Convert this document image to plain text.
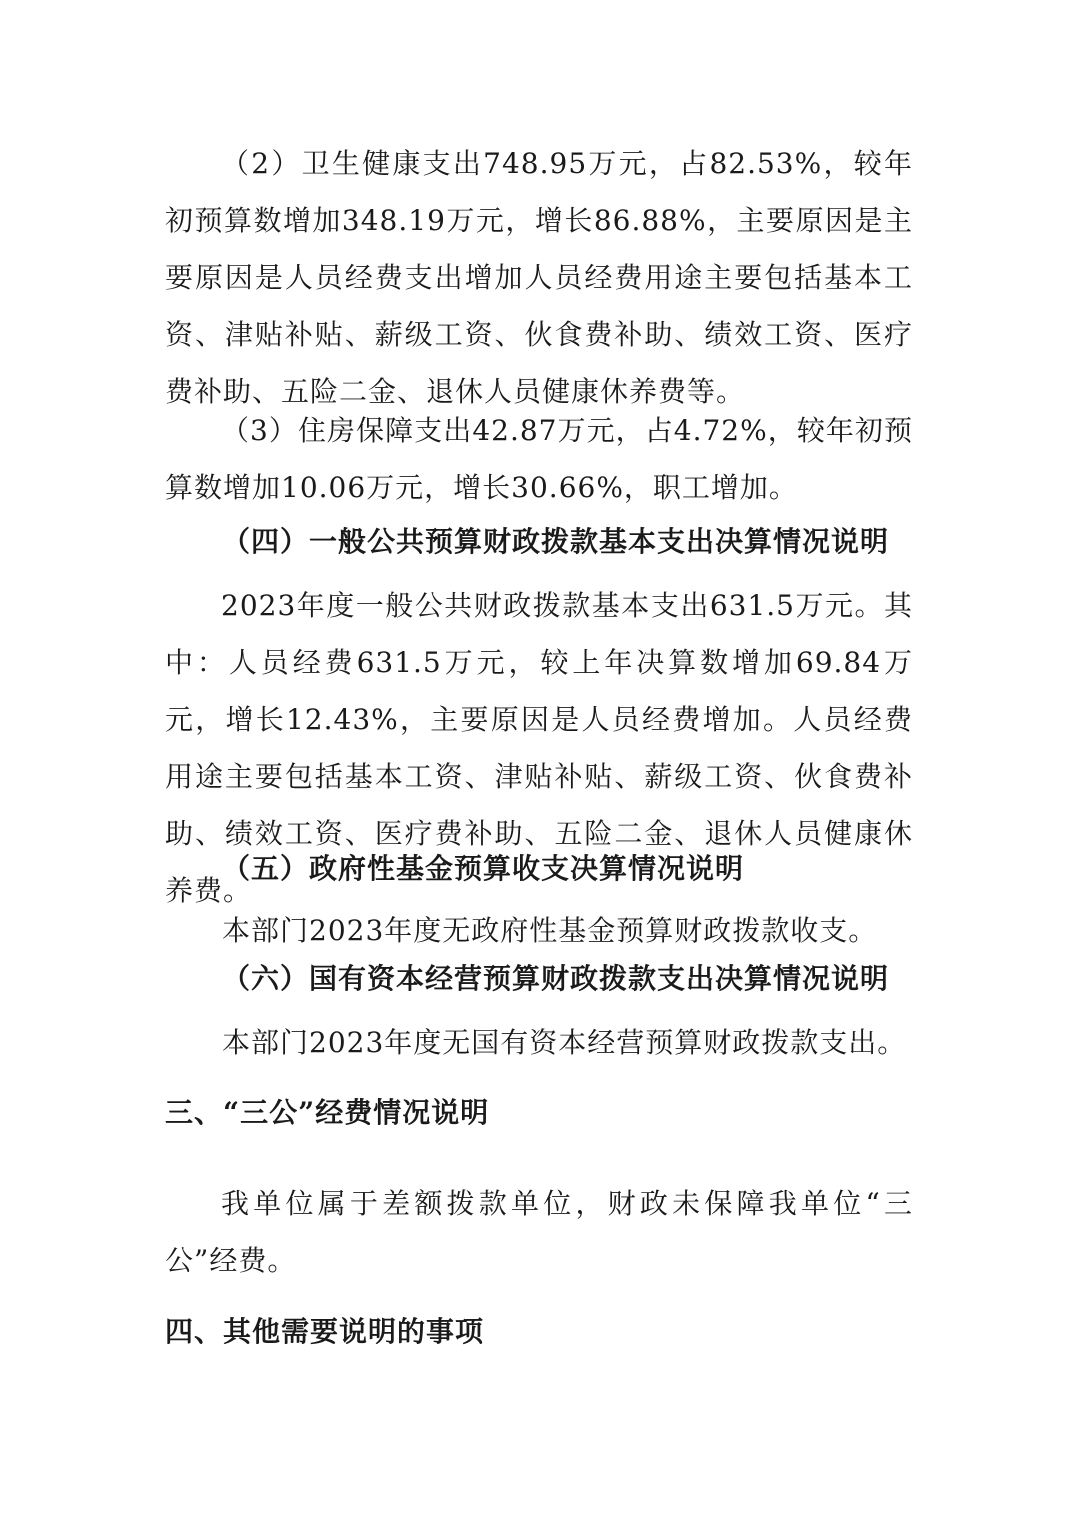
（2）卫生健康支出748.95万元，占82.53%，较年初预算数增加348.19万元，增长86.88%，主要原因是主要原因是人员经费支出增加人员经费用途主要包括基本工资、津贴补贴、薪级工资、伙食费补助、绩效工资、医疗费补助、五险二金、退休人员健康休养费等。

（3）住房保障支出42.87万元，占4.72%，较年初预算数增加10.06万元，增长30.66%，职工增加。

（四）一般公共预算财政拨款基本支出决算情况说明

2023年度一般公共财政拨款基本支出631.5万元。其中：人员经费631.5万元，较上年决算数增加69.84万元，增长12.43%，主要原因是人员经费增加。人员经费用途主要包括基本工资、津贴补贴、薪级工资、伙食费补助、绩效工资、医疗费补助、五险二金、退休人员健康休养费。

（五）政府性基金预算收支决算情况说明

本部门2023年度无政府性基金预算财政拨款收支。

（六）国有资本经营预算财政拨款支出决算情况说明

本部门2023年度无国有资本经营预算财政拨款支出。

三、“三公”经费情况说明

我单位属于差额拨款单位，财政未保障我单位“三公”经费。

四、其他需要说明的事项
